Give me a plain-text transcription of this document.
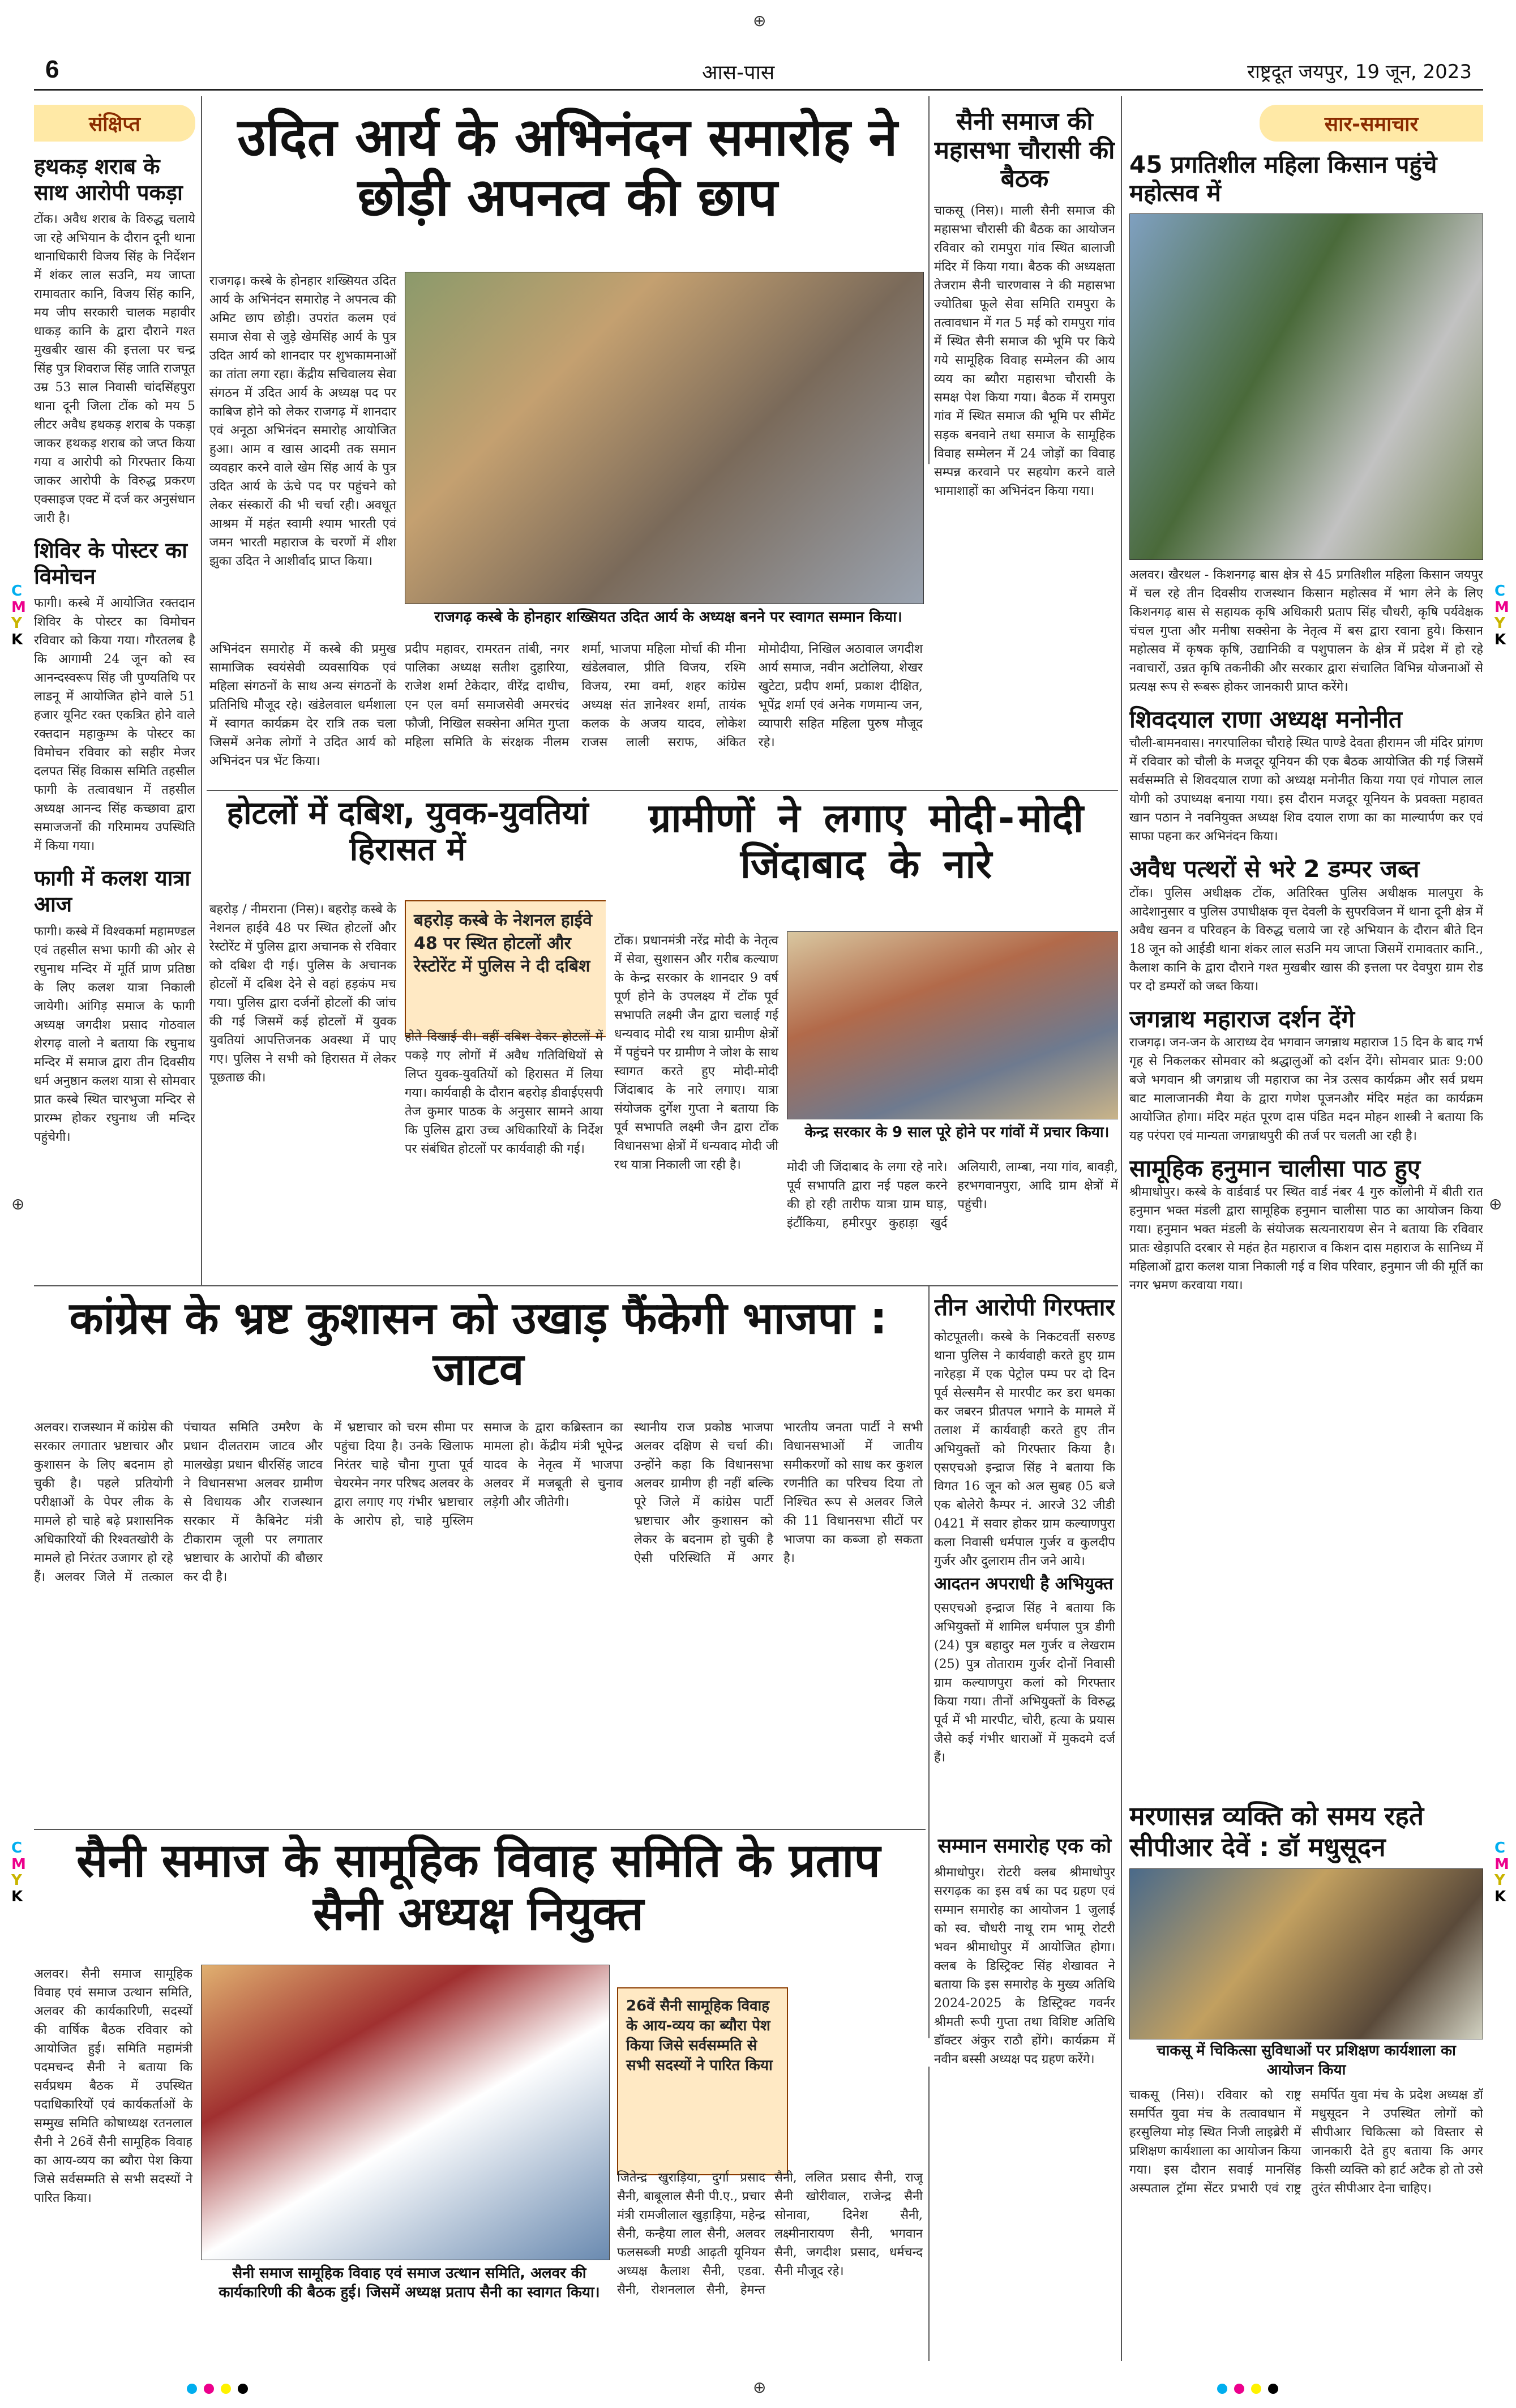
6	आस-पास	राष्ट्रदूत जयपुर, 19 जून, 2023
⊕
⊕	⊕
⊕
C
M
Y
K
C
M
Y
K
C
M
Y
K
C
M
Y
K
संक्षिप्त
हथकड़ शराब के साथ आरोपी पकड़ा
टोंक। अवैध शराब के विरुद्ध चलाये जा रहे अभियान के दौरान दूनी थाना थानाधिकारी विजय सिंह के निर्देशन में शंकर लाल सउनि, मय जाप्ता रामावतार कानि, विजय सिंह कानि, मय जीप सरकारी चालक महावीर धाकड़ कानि के द्वारा दौराने गश्त मुखबीर खास की इत्तला पर चन्द्र सिंह पुत्र शिवराज सिंह जाति राजपूत उम्र 53 साल निवासी चांदसिंहपुरा थाना दूनी जिला टोंक को मय 5 लीटर अवैध हथकड़ शराब के पकड़ा जाकर हथकड़ शराब को जप्त किया गया व आरोपी को गिरफ्तार किया जाकर आरोपी के विरुद्ध प्रकरण एक्साइज एक्ट में दर्ज कर अनुसंधान जारी है।
शिविर के पोस्टर का विमोचन
फागी। कस्बे में आयोजित रक्तदान शिविर के पोस्टर का विमोचन रविवार को किया गया। गौरतलब है कि आगामी 24 जून को स्व आनन्दस्वरूप सिंह जी पुण्यतिथि पर लाडनू में आयोजित होने वाले 51 हजार यूनिट रक्त एकत्रित होने वाले रक्तदान महाकुम्भ के पोस्टर का विमोचन रविवार को सहीर मेजर दलपत सिंह विकास समिति तहसील फागी के तत्वावधान में तहसील अध्यक्ष आनन्द सिंह कच्छावा द्वारा समाजजनों की गरिमामय उपस्थिति में किया गया।
फागी में कलश यात्रा आज
फागी। कस्बे में विश्वकर्मा महामण्डल एवं तहसील सभा फागी की ओर से रघुनाथ मन्दिर में मूर्ति प्राण प्रतिष्ठा के लिए कलश यात्रा निकाली जायेगी। आंगिड़ समाज के फागी अध्यक्ष जगदीश प्रसाद गोठवाल शेरगढ़ वालो ने बताया कि रघुनाथ मन्दिर में समाज द्वारा तीन दिवसीय धर्म अनुष्ठान कलश यात्रा से सोमवार प्रात कस्बे स्थित चारभुजा मन्दिर से प्रारम्भ होकर रघुनाथ जी मन्दिर पहुंचेगी।
उदित आर्य के अभिनंदन समारोह ने छोड़ी अपनत्व की छाप
राजगढ़। कस्बे के होनहार शख्सियत उदित आर्य के अभिनंदन समारोह ने अपनत्व की अमिट छाप छोड़ी। उपरांत कलम एवं समाज सेवा से जुड़े खेमसिंह आर्य के पुत्र उदित आर्य को शानदार पर शुभकामनाओं का तांता लगा रहा। केंद्रीय सचिवालय सेवा संगठन में उदित आर्य के अध्यक्ष पद पर काबिज होने को लेकर राजगढ़ में शानदार एवं अनूठा अभिनंदन समारोह आयोजित हुआ। आम व खास आदमी तक समान व्यवहार करने वाले खेम सिंह आर्य के पुत्र उदित आर्य के ऊंचे पद पर पहुंचने को लेकर संस्कारों की भी चर्चा रही। अवधूत आश्रम में महंत स्वामी श्याम भारती एवं जमन भारती महाराज के चरणों में शीश झुका उदित ने आशीर्वाद प्राप्त किया।
राजगढ़ कस्बे के होनहार शख्सियत उदित आर्य के अध्यक्ष बनने पर स्वागत सम्मान किया।
अभिनंदन समारोह में कस्बे की प्रमुख सामाजिक स्वयंसेवी व्यवसायिक एवं महिला संगठनों के साथ अन्य संगठनों के प्रतिनिधि मौजूद रहे। खंडेलवाल धर्मशाला में स्वागत कार्यक्रम देर रात्रि तक चला जिसमें अनेक लोगों ने उदित आर्य को अभिनंदन पत्र भेंट किया।
प्रदीप महावर, रामरतन तांबी, नगर पालिका अध्यक्ष सतीश दुहारिया, राजेश शर्मा टेकेदार, वीरेंद्र दाधीच, एन एल वर्मा समाजसेवी अमरचंद फौजी, निखिल सक्सेना अमित गुप्ता महिला समिति के संरक्षक नीलम शर्मा, भाजपा महिला मोर्चा की मीना खंडेलवाल, प्रीति विजय, रश्मि विजय, रमा वर्मा, शहर कांग्रेस अध्यक्ष संत ज्ञानेश्वर शर्मा, तायंक कलक के अजय यादव, लोकेश राजस लाली सराफ, अंकित मोमोदीया, निखिल अठावाल जगदीश आर्य समाज, नवीन अटोलिया, शेखर खुटेटा, प्रदीप शर्मा, प्रकाश दीक्षित, भूपेंद्र शर्मा एवं अनेक गणमान्य जन, व्यापारी सहित महिला पुरुष मौजूद रहे।
सैनी समाज की महासभा चौरासी की बैठक
चाकसू (निस)। माली सैनी समाज की महासभा चौरासी की बैठक का आयोजन रविवार को रामपुरा गांव स्थित बालाजी मंदिर में किया गया। बैठक की अध्यक्षता तेजराम सैनी चारणवास ने की महासभा ज्योतिबा फूले सेवा समिति रामपुरा के तत्वावधान में गत 5 मई को रामपुरा गांव में स्थित सैनी समाज की भूमि पर किये गये सामूहिक विवाह सम्मेलन की आय व्यय का ब्यौरा महासभा चौरासी के समक्ष पेश किया गया। बैठक में रामपुरा गांव में स्थित समाज की भूमि पर सीमेंट सड़क बनवाने तथा समाज के सामूहिक विवाह सम्मेलन में 24 जोड़ों का विवाह सम्पन्न करवाने पर सहयोग करने वाले भामाशाहों का अभिनंदन किया गया।
सार-समाचार
45 प्रगतिशील महिला किसान पहुंचे महोत्सव में
अलवर। खैरथल - किशनगढ़ बास क्षेत्र से 45 प्रगतिशील महिला किसान जयपुर में चल रहे तीन दिवसीय राजस्थान किसान महोत्सव में भाग लेने के लिए किशनगढ़ बास से सहायक कृषि अधिकारी प्रताप सिंह चौधरी, कृषि पर्यवेक्षक चंचल गुप्ता और मनीषा सक्सेना के नेतृत्व में बस द्वारा रवाना हुये। किसान महोत्सव में कृषक कृषि, उद्यानिकी व पशुपालन के क्षेत्र में प्रदेश में हो रहे नवाचारों, उन्नत कृषि तकनीकी और सरकार द्वारा संचालित विभिन्न योजनाओं से प्रत्यक्ष रूप से रूबरू होकर जानकारी प्राप्त करेंगे।
शिवदयाल राणा अध्यक्ष मनोनीत
चौली-बामनवास। नगरपालिका चौराहे स्थित पाण्डे देवता हीरामन जी मंदिर प्रांगण में रविवार को चौली के मजदूर यूनियन की एक बैठक आयोजित की गई जिसमें सर्वसम्मति से शिवदयाल राणा को अध्यक्ष मनोनीत किया गया एवं गोपाल लाल योगी को उपाध्यक्ष बनाया गया। इस दौरान मजदूर यूनियन के प्रवक्ता महावत खान पठान ने नवनियुक्त अध्यक्ष शिव दयाल राणा का का माल्यार्पण कर एवं साफा पहना कर अभिनंदन किया।
अवैध पत्थरों से भरे 2 डम्पर जब्त
टोंक। पुलिस अधीक्षक टोंक, अतिरिक्त पुलिस अधीक्षक मालपुरा के आदेशानुसार व पुलिस उपाधीक्षक वृत्त देवली के सुपरविजन में थाना दूनी क्षेत्र में अवैध खनन व परिवहन के विरुद्ध चलाये जा रहे अभियान के दौरान बीते दिन 18 जून को आईडी थाना शंकर लाल सउनि मय जाप्ता जिसमें रामावतार कानि., कैलाश कानि के द्वारा दौराने गश्त मुखबीर खास की इत्तला पर देवपुरा ग्राम रोड पर दो डम्परों को जब्त किया।
जगन्नाथ महाराज दर्शन देंगे
राजगढ़। जन-जन के आराध्य देव भगवान जगन्नाथ महाराज 15 दिन के बाद गर्भ गृह से निकलकर सोमवार को श्रद्धालुओं को दर्शन देंगे। सोमवार प्रातः 9:00 बजे भगवान श्री जगन्नाथ जी महाराज का नेत्र उत्सव कार्यक्रम और सर्व प्रथम बाट मालाजानकी मैया के द्वारा गणेश पूजनऔर मंदिर महंत का कार्यक्रम आयोजित होगा। मंदिर महंत पूरण दास पंडित मदन मोहन शास्त्री ने बताया कि यह परंपरा एवं मान्यता जगन्नाथपुरी की तर्ज पर चलती आ रही है।
सामूहिक हनुमान चालीसा पाठ हुए
श्रीमाधोपुर। कस्बे के वार्डवार्ड पर स्थित वार्ड नंबर 4 गुरु कॉलोनी में बीती रात हनुमान भक्त मंडली द्वारा सामूहिक हनुमान चालीसा पाठ का आयोजन किया गया। हनुमान भक्त मंडली के संयोजक सत्यनारायण सेन ने बताया कि रविवार प्रातः खेड़ापति दरबार से महंत हेत महाराज व किशन दास महाराज के सानिध्य में महिलाओं द्वारा कलश यात्रा निकाली गई व शिव परिवार, हनुमान जी की मूर्ति का नगर भ्रमण करवाया गया।
होटलों में दबिश, युवक-युवतियां हिरासत में
बहरोड़ / नीमराना (निस)। बहरोड़ कस्बे के नेशनल हाईवे 48 पर स्थित होटलों और रेस्टोरेंट में पुलिस द्वारा अचानक से रविवार को दबिश दी गई। पुलिस के अचानक होटलों में दबिश देने से वहां हड़कंप मच गया। पुलिस द्वारा दर्जनों होटलों की जांच की गई जिसमें कई होटलों में युवक युवतियां आपत्तिजनक अवस्था में पाए गए। पुलिस ने सभी को हिरासत में लेकर पूछताछ की।
बहरोड़ कस्बे के नेशनल हाईवे 48 पर स्थित होटलों और रेस्टोरेंट में पुलिस ने दी दबिश
होते दिखाई दी। वहीं दबिश देकर होटलों में पकड़े गए लोगों में अवैध गतिविधियों से लिप्त युवक-युवतियों को हिरासत में लिया गया। कार्यवाही के दौरान बहरोड़ डीवाईएसपी तेज कुमार पाठक के अनुसार सामने आया कि पुलिस द्वारा उच्च अधिकारियों के निर्देश पर संबंधित होटलों पर कार्यवाही की गई।
ग्रामीणों ने लगाए मोदी-मोदी जिंदाबाद के नारे
टोंक। प्रधानमंत्री नरेंद्र मोदी के नेतृत्व में सेवा, सुशासन और गरीब कल्याण के केन्द्र सरकार के शानदार 9 वर्ष पूर्ण होने के उपलक्ष्य में टोंक पूर्व सभापति लक्ष्मी जैन द्वारा चलाई गई धन्यवाद मोदी रथ यात्रा ग्रामीण क्षेत्रों में पहुंचने पर ग्रामीण ने जोश के साथ स्वागत करते हुए मोदी-मोदी जिंदाबाद के नारे लगाए। यात्रा संयोजक दुर्गेश गुप्ता ने बताया कि पूर्व सभापति लक्ष्मी जैन द्वारा टोंक विधानसभा क्षेत्रों में धन्यवाद मोदी जी रथ यात्रा निकाली जा रही है।
केन्द्र सरकार के 9 साल पूरे होने पर गांवों में प्रचार किया।
मोदी जी जिंदाबाद के लगा रहे नारे। पूर्व सभापति द्वारा नई पहल करने की हो रही तारीफ यात्रा ग्राम घाड़, इंटौंकिया, हमीरपुर कुहाड़ा खुर्द अलियारी, लाम्बा, नया गांव, बावड़ी, हरभगवानपुरा, आदि ग्राम क्षेत्रों में पहुंची।
कांग्रेस के भ्रष्ट कुशासन को उखाड़ फैंकेगी भाजपा : जाटव
अलवर। राजस्थान में कांग्रेस की सरकार लगातार भ्रष्टाचार और कुशासन के लिए बदनाम हो चुकी है। पहले प्रतियोगी परीक्षाओं के पेपर लीक के मामले हो चाहे बढ़े प्रशासनिक अधिकारियों की रिश्वतखोरी के मामले हो निरंतर उजागर हो रहे हैं। अलवर जिले में तत्काल पंचायत समिति उमरैण के प्रधान दीलतराम जाटव और मालखेड़ा प्रधान धीरसिंह जाटव ने विधानसभा अलवर ग्रामीण से विधायक और राजस्थान सरकार में कैबिनेट मंत्री टीकाराम जूली पर लगातार भ्रष्टाचार के आरोपों की बौछार कर दी है।
में भ्रष्टाचार को चरम सीमा पर पहुंचा दिया है। उनके खिलाफ निरंतर चाहे चौना गुप्ता पूर्व चेयरमेन नगर परिषद अलवर के द्वारा लगाए गए गंभीर भ्रष्टाचार के आरोप हो, चाहे मुस्लिम समाज के द्वारा कब्रिस्तान का मामला हो। केंद्रीय मंत्री भूपेन्द्र यादव के नेतृत्व में भाजपा अलवर में मजबूती से चुनाव लड़ेगी और जीतेगी।
स्थानीय राज प्रकोष्ठ भाजपा अलवर दक्षिण से चर्चा की। उन्होंने कहा कि विधानसभा अलवर ग्रामीण ही नहीं बल्कि पूरे जिले में कांग्रेस पार्टी भ्रष्टाचार और कुशासन को लेकर के बदनाम हो चुकी है ऐसी परिस्थिति में अगर भारतीय जनता पार्टी ने सभी विधानसभाओं में जातीय समीकरणों को साध कर कुशल रणनीति का परिचय दिया तो निश्चित रूप से अलवर जिले की 11 विधानसभा सीटों पर भाजपा का कब्जा हो सकता है।
तीन आरोपी गिरफ्तार
कोटपूतली। कस्बे के निकटवर्ती सरुण्ड थाना पुलिस ने कार्यवाही करते हुए ग्राम नारेहड़ा में एक पेट्रोल पम्प पर दो दिन पूर्व सेल्समैन से मारपीट कर डरा धमका कर जबरन प्रीतपल भगाने के मामले में तलाश में कार्यवाही करते हुए तीन अभियुक्तों को गिरफ्तार किया है। एसएचओ इन्द्राज सिंह ने बताया कि विगत 16 जून को अल सुबह 05 बजे एक बोलेरो कैम्पर नं. आरजे 32 जीडी 0421 में सवार होकर ग्राम कल्याणपुरा कला निवासी धर्मपाल गुर्जर व कुलदीप गुर्जर और दुलाराम तीन जने आये।
आदतन अपराधी है अभियुक्त
एसएचओ इन्द्राज सिंह ने बताया कि अभियुक्तों में शामिल धर्मपाल पुत्र डीगी (24) पुत्र बहादुर मल गुर्जर व लेखराम (25) पुत्र तोताराम गुर्जर दोनों निवासी ग्राम कल्याणपुरा कलां को गिरफ्तार किया गया। तीनों अभियुक्तों के विरुद्ध पूर्व में भी मारपीट, चोरी, हत्या के प्रयास जैसे कई गंभीर धाराओं में मुकदमे दर्ज हैं।
सैनी समाज के सामूहिक विवाह समिति के प्रताप सैनी अध्यक्ष नियुक्त
अलवर। सैनी समाज सामूहिक विवाह एवं समाज उत्थान समिति, अलवर की कार्यकारिणी, सदस्यों की वार्षिक बैठक रविवार को आयोजित हुई। समिति महामंत्री पदमचन्द सैनी ने बताया कि सर्वप्रथम बैठक में उपस्थित पदाधिकारियों एवं कार्यकर्ताओं के सम्मुख समिति कोषाध्यक्ष रतनलाल सैनी ने 26वें सैनी सामूहिक विवाह का आय-व्यय का ब्यौरा पेश किया जिसे सर्वसम्मति से सभी सदस्यों ने पारित किया।
26वें सैनी सामूहिक विवाह के आय-व्यय का ब्यौरा पेश किया जिसे सर्वसम्मति से सभी सदस्यों ने पारित किया
सैनी समाज सामूहिक विवाह एवं समाज उत्थान समिति, अलवर की कार्यकारिणी की बैठक हुई। जिसमें अध्यक्ष प्रताप सैनी का स्वागत किया।
जितेन्द्र खुराड़िया, दुर्गा प्रसाद सैनी, बाबूलाल सैनी पी.ए., प्रचार मंत्री रामजीलाल खुड़ाड़िया, महेन्द्र सैनी, कन्हैया लाल सैनी, अलवर फलसब्जी मण्डी आढ़ती यूनियन अध्यक्ष कैलाश सैनी, एडवा. सैनी, रोशनलाल सैनी, हेमन्त सैनी, ललित प्रसाद सैनी, राजू सैनी खोरीवाल, राजेन्द्र सैनी सोनावा, दिनेश सैनी, लक्ष्मीनारायण सैनी, भगवान सैनी, जगदीश प्रसाद, धर्मचन्द सैनी मौजूद रहे।
सम्मान समारोह एक को
श्रीमाधोपुर। रोटरी क्लब श्रीमाधोपुर सरगढ़क का इस वर्ष का पद ग्रहण एवं सम्मान समारोह का आयोजन 1 जुलाई को स्व. चौधरी नाथू राम भामू रोटरी भवन श्रीमाधोपुर में आयोजित होगा। क्लब के डिस्ट्रिक्ट सिंह शेखावत ने बताया कि इस समारोह के मुख्य अतिथि 2024-2025 के डिस्ट्रिक्ट गवर्नर श्रीमती रूपी गुप्ता तथा विशिष्ट अतिथि डॉक्टर अंकुर राठौ होंगे। कार्यक्रम में नवीन बस्सी अध्यक्ष पद ग्रहण करेंगे।
मरणासन्न व्यक्ति को समय रहते सीपीआर देवें : डॉ मधुसूदन
चाकसू में चिकित्सा सुविधाओं पर प्रशिक्षण कार्यशाला का आयोजन किया
चाकसू (निस)। रविवार को राष्ट्र समर्पित युवा मंच के तत्वावधान में हरसुलिया मोड़ स्थित निजी लाइब्रेरी में प्रशिक्षण कार्यशाला का आयोजन किया गया। इस दौरान सवाई मानसिंह अस्पताल ट्रॉमा सेंटर प्रभारी एवं राष्ट्र समर्पित युवा मंच के प्रदेश अध्यक्ष डॉ मधुसूदन ने उपस्थित लोगों को सीपीआर चिकित्सा को विस्तार से जानकारी देते हुए बताया कि अगर किसी व्यक्ति को हार्ट अटैक हो तो उसे तुरंत सीपीआर देना चाहिए।
